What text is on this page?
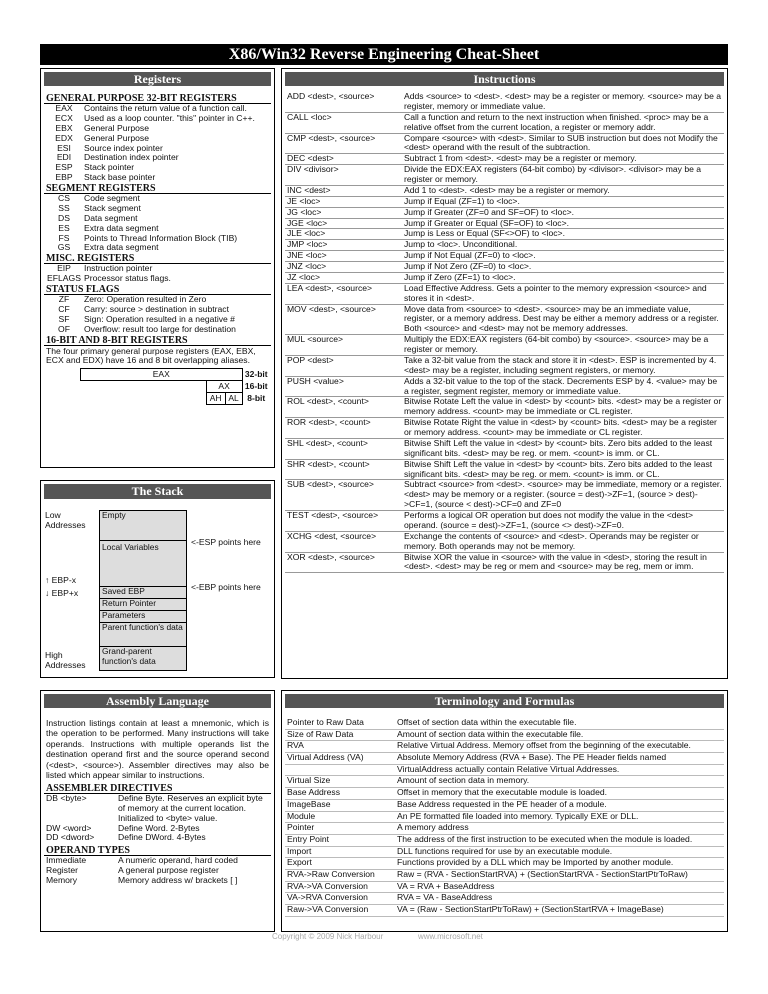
X86/Win32 Reverse Engineering Cheat-Sheet
Registers
GENERAL PURPOSE 32-BIT REGISTERS
EAX	Contains the return value of a function call.
ECX	Used as a loop counter. "this" pointer in C++.
EBX	General Purpose
EDX	General Purpose
ESI	Source index pointer
EDI	Destination index pointer
ESP	Stack pointer
EBP	Stack base pointer
SEGMENT REGISTERS
CS	Code segment
SS	Stack segment
DS	Data segment
ES	Extra data segment
FS	Points to Thread Information Block (TIB)
GS	Extra data segment
MISC. REGISTERS
EIP	Instruction pointer
EFLAGS Processor status flags.
STATUS FLAGS
ZF	Zero: Operation resulted in Zero
CF	Carry: source > destination in subtract
SF	Sign: Operation resulted in a negative #
OF	Overflow: result too large for destination
16-BIT AND 8-BIT REGISTERS
The four primary general purpose registers (EAX, EBX, ECX and EDX) have 16 and 8 bit overlapping aliases.
EAX			32-bit
	AX		16-bit
	AH	AL	8-bit
The Stack
Low Addresses
↑ EBP-x
↓ EBP+x
High Addresses
Empty
Local Variables
Saved EBP
Return Pointer
Parameters
Parent function's data
Grand-parent function's data
<-ESP points here
<-EBP points here
Assembly Language
Instruction listings contain at least a mnemonic, which is the operation to be performed. Many instructions will take operands. Instructions with multiple operands list the destination operand first and the source operand second (<dest>, <source>). Assembler directives may also be listed which appear similar to instructions.
ASSEMBLER DIRECTIVES
DB <byte>	Define Byte. Reserves an explicit byte of memory at the current location. Initialized to <byte> value.
DW <word>	Define Word. 2-Bytes
DD <dword>	Define DWord. 4-Bytes
OPERAND TYPES
Immediate	A numeric operand, hard coded
Register	A general purpose register
Memory	Memory address w/ brackets [ ]
Instructions
ADD <dest>, <source>	Adds <source> to <dest>. <dest> may be a register or memory. <source> may be a register, memory or immediate value.
CALL <loc>	Call a function and return to the next instruction when finished. <proc> may be a relative offset from the current location, a register or memory addr.
CMP <dest>, <source>	Compare <source> with <dest>. Similar to SUB instruction but does not Modify the <dest> operand with the result of the subtraction.
DEC <dest>	Subtract 1 from <dest>. <dest> may be a register or memory.
DIV <divisor>	Divide the EDX:EAX registers (64-bit combo) by <divisor>. <divisor> may be a register or memory.
INC <dest>	Add 1 to <dest>. <dest> may be a register or memory.
JE <loc>	Jump if Equal (ZF=1) to <loc>.
JG <loc>	Jump if Greater (ZF=0 and SF=OF) to <loc>.
JGE <loc>	Jump if Greater or Equal (SF=OF) to <loc>.
JLE <loc>	Jump is Less or Equal (SF<>OF) to <loc>.
JMP <loc>	Jump to <loc>. Unconditional.
JNE <loc>	Jump if Not Equal (ZF=0) to <loc>.
JNZ <loc>	Jump if Not Zero (ZF=0) to <loc>.
JZ <loc>	Jump if Zero (ZF=1) to <loc>.
LEA <dest>, <source>	Load Effective Address. Gets a pointer to the memory expression <source> and stores it in <dest>.
MOV <dest>, <source>	Move data from <source> to <dest>. <source> may be an immediate value, register, or a memory address. Dest may be either a memory address or a register. Both <source> and <dest> may not be memory addresses.
MUL <source>	Multiply the EDX:EAX registers (64-bit combo) by <source>. <source> may be a register or memory.
POP <dest>	Take a 32-bit value from the stack and store it in <dest>. ESP is incremented by 4. <dest> may be a register, including segment registers, or memory.
PUSH <value>	Adds a 32-bit value to the top of the stack. Decrements ESP by 4. <value> may be a register, segment register, memory or immediate value.
ROL <dest>, <count>	Bitwise Rotate Left the value in <dest> by <count> bits. <dest> may be a register or memory address. <count> may be immediate or CL register.
ROR <dest>, <count>	Bitwise Rotate Right the value in <dest> by <count> bits. <dest> may be a register or memory address. <count> may be immediate or CL register.
SHL <dest>, <count>	Bitwise Shift Left the value in <dest> by <count> bits. Zero bits added to the least significant bits. <dest> may be reg. or mem. <count> is imm. or CL.
SHR <dest>, <count>	Bitwise Shift Left the value in <dest> by <count> bits. Zero bits added to the least significant bits. <dest> may be reg. or mem. <count> is imm. or CL.
SUB <dest>, <source>	Subtract <source> from <dest>. <source> may be immediate, memory or a register. <dest> may be memory or a register. (source = dest)->ZF=1, (source > dest)->CF=1, (source < dest)->CF=0 and ZF=0
TEST <dest>, <source>	Performs a logical OR operation but does not modify the value in the <dest> operand. (source = dest)->ZF=1, (source <> dest)->ZF=0.
XCHG <dest, <source>	Exchange the contents of <source> and <dest>. Operands may be register or memory. Both operands may not be memory.
XOR <dest>, <source>	Bitwise XOR the value in <source> with the value in <dest>, storing the result in <dest>. <dest> may be reg or mem and <source> may be reg, mem or imm.
Terminology and Formulas
Pointer to Raw Data	Offset of section data within the executable file.
Size of Raw Data	Amount of section data within the executable file.
RVA	Relative Virtual Address. Memory offset from the beginning of the executable.
Virtual Address (VA)	Absolute Memory Address (RVA + Base). The PE Header fields named
VirtualAddress actually contain Relative Virtual Addresses.
Virtual Size	Amount of section data in memory.
Base Address	Offset in memory that the executable module is loaded.
ImageBase	Base Address requested in the PE header of a module.
Module	An PE formatted file loaded into memory. Typically EXE or DLL.
Pointer	A memory address
Entry Point	The address of the first instruction to be executed when the module is loaded.
Import	DLL functions required for use by an executable module.
Export	Functions provided by a DLL which may be Imported by another module.
RVA->Raw Conversion	Raw = (RVA - SectionStartRVA) + (SectionStartRVA - SectionStartPtrToRaw)
RVA->VA Conversion	VA = RVA + BaseAddress
VA->RVA Conversion	RVA = VA - BaseAddress
Raw->VA Conversion	VA = (Raw - SectionStartPtrToRaw) + (SectionStartRVA + ImageBase)
Copyright © 2009 Nick Harbour	www.microsoft.net
